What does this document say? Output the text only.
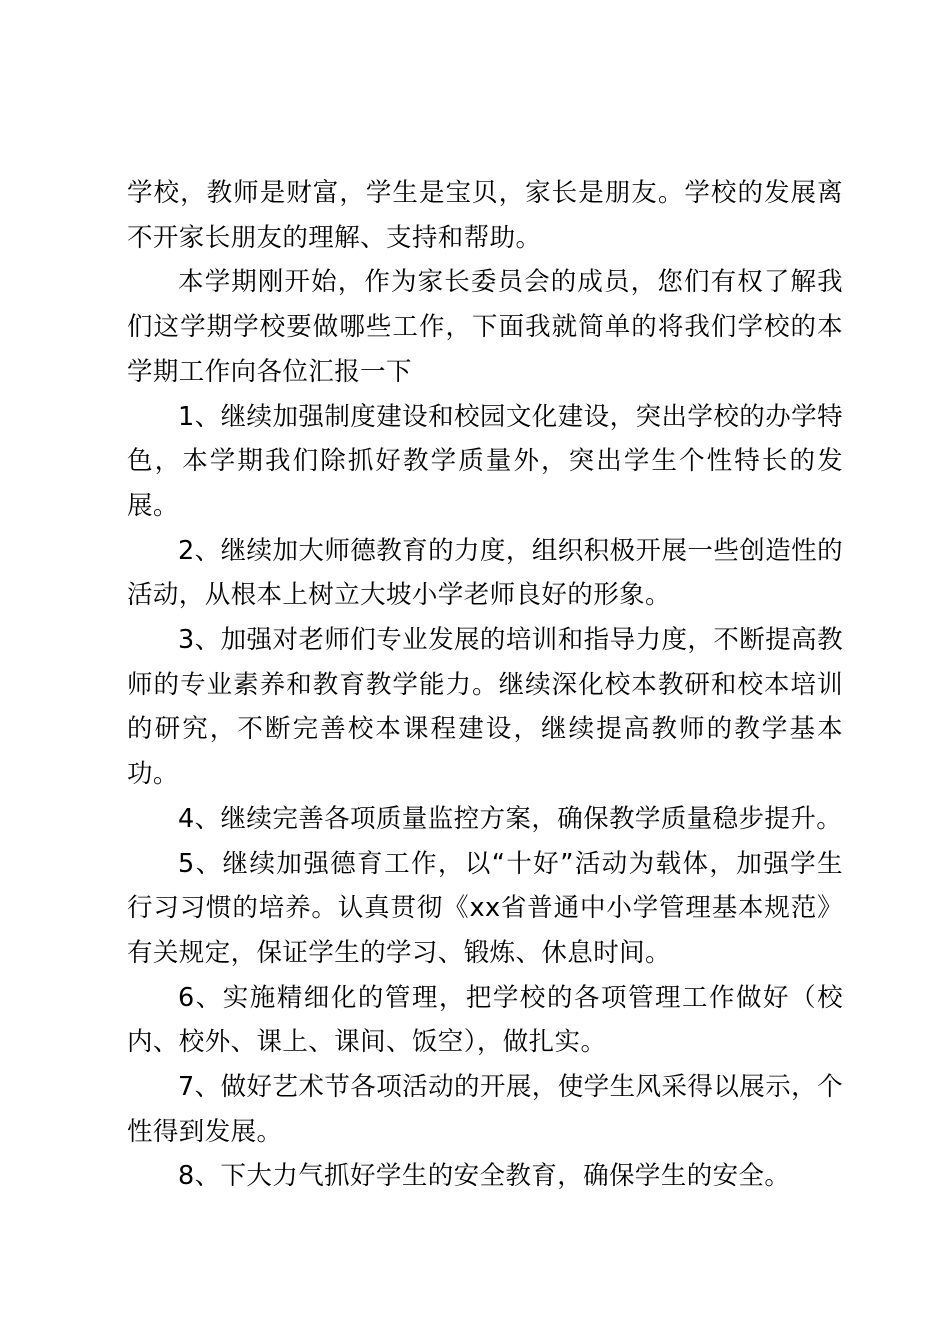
学校，教师是财富，学生是宝贝，家长是朋友。学校的发展离不开家长朋友的理解、支持和帮助。

本学期刚开始，作为家长委员会的成员，您们有权了解我们这学期学校要做哪些工作，下面我就简单的将我们学校的本学期工作向各位汇报一下

1、继续加强制度建设和校园文化建设，突出学校的办学特色，本学期我们除抓好教学质量外，突出学生个性特长的发展。

2、继续加大师德教育的力度，组织积极开展一些创造性的活动，从根本上树立大坡小学老师良好的形象。

3、加强对老师们专业发展的培训和指导力度，不断提高教师的专业素养和教育教学能力。继续深化校本教研和校本培训的研究，不断完善校本课程建设，继续提高教师的教学基本功。

4、继续完善各项质量监控方案，确保教学质量稳步提升。

5、继续加强德育工作，以“十好”活动为载体，加强学生行习习惯的培养。认真贯彻《xx省普通中小学管理基本规范》有关规定，保证学生的学习、锻炼、休息时间。

6、实施精细化的管理，把学校的各项管理工作做好（校内、校外、课上、课间、饭空），做扎实。

7、做好艺术节各项活动的开展，使学生风采得以展示，个性得到发展。

8、下大力气抓好学生的安全教育，确保学生的安全。
